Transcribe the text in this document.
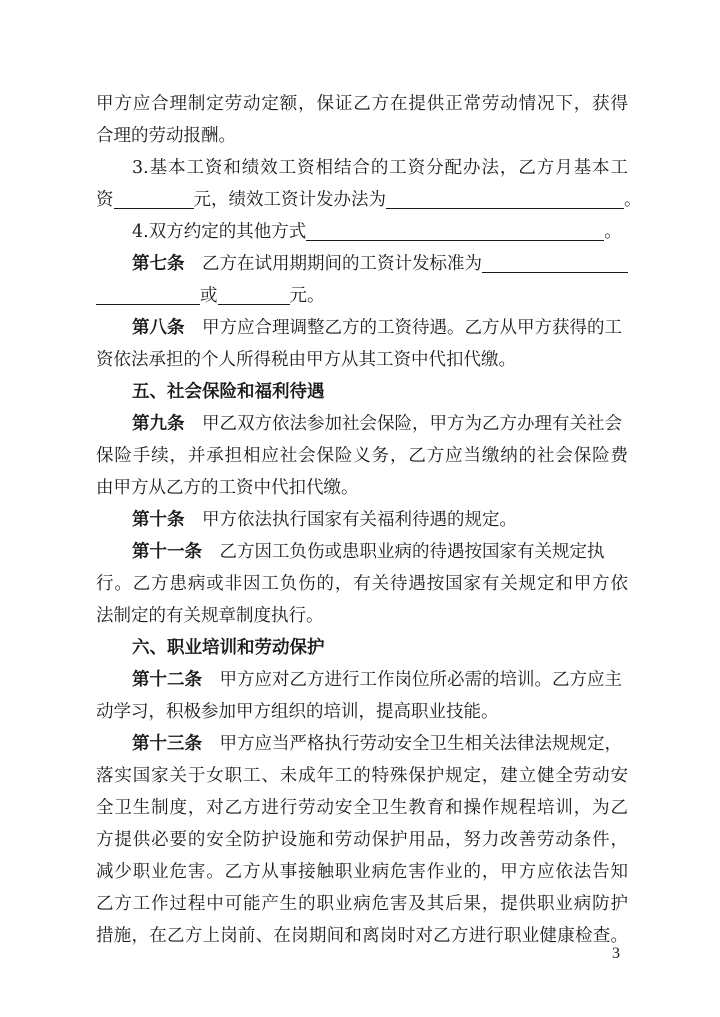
甲方应合理制定劳动定额，保证乙方在提供正常劳动情况下，获得
合理的劳动报酬。
3.基本工资和绩效工资相结合的工资分配办法，乙方月基本工
资	元，绩效工资计发办法为	。
4.双方约定的其他方式	。
第七条  乙方在试用期期间的工资计发标准为
或	元。
第八条  甲方应合理调整乙方的工资待遇。乙方从甲方获得的工
资依法承担的个人所得税由甲方从其工资中代扣代缴。
五、社会保险和福利待遇
第九条  甲乙双方依法参加社会保险，甲方为乙方办理有关社会
保险手续，并承担相应社会保险义务，乙方应当缴纳的社会保险费
由甲方从乙方的工资中代扣代缴。
第十条  甲方依法执行国家有关福利待遇的规定。
第十一条  乙方因工负伤或患职业病的待遇按国家有关规定执
行。乙方患病或非因工负伤的，有关待遇按国家有关规定和甲方依
法制定的有关规章制度执行。
六、职业培训和劳动保护
第十二条  甲方应对乙方进行工作岗位所必需的培训。乙方应主
动学习，积极参加甲方组织的培训，提高职业技能。
第十三条  甲方应当严格执行劳动安全卫生相关法律法规规定，
落实国家关于女职工、未成年工的特殊保护规定，建立健全劳动安
全卫生制度，对乙方进行劳动安全卫生教育和操作规程培训，为乙
方提供必要的安全防护设施和劳动保护用品，努力改善劳动条件，
减少职业危害。乙方从事接触职业病危害作业的，甲方应依法告知
乙方工作过程中可能产生的职业病危害及其后果，提供职业病防护
措施，在乙方上岗前、在岗期间和离岗时对乙方进行职业健康检查。
3
